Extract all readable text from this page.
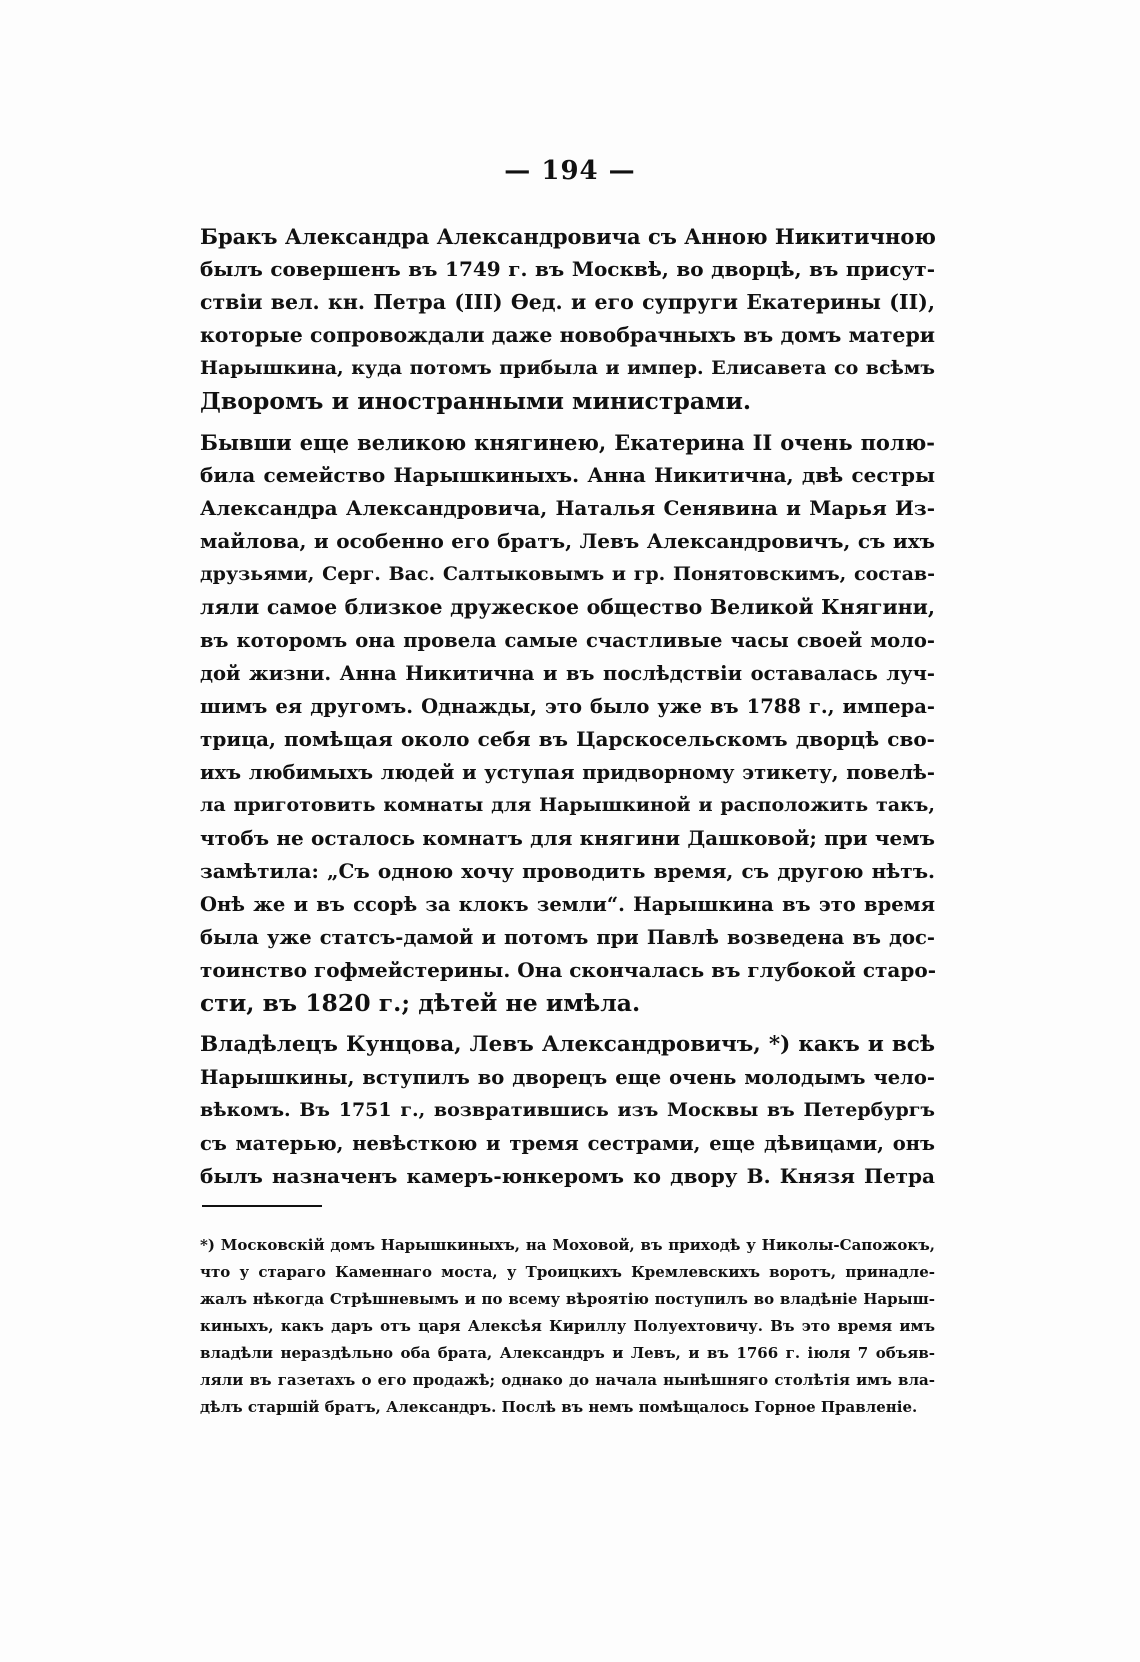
— 194 —
Бракъ Александра Александровича съ Анною Никитичною
былъ совершенъ въ 1749 г. въ Москвѣ, во дворцѣ, въ присут-
ствіи вел. кн. Петра (III) Ѳед. и его супруги Екатерины (II),
которые сопровождали даже новобрачныхъ въ домъ матери
Нарышкина, куда потомъ прибыла и импер. Елисавета со всѣмъ
Дворомъ и иностранными министрами.
Бывши еще великою княгинею, Екатерина II очень полю-
била семейство Нарышкиныхъ. Анна Никитична, двѣ сестры
Александра Александровича, Наталья Сенявина и Марья Из-
майлова, и особенно его братъ, Левъ Александровичъ, съ ихъ
друзьями, Серг. Вас. Салтыковымъ и гр. Понятовскимъ, состав-
ляли самое близкое дружеское общество Великой Княгини,
въ которомъ она провела самые счастливые часы своей моло-
дой жизни. Анна Никитична и въ послѣдствіи оставалась луч-
шимъ ея другомъ. Однажды, это было уже въ 1788 г., импера-
трица, помѣщая около себя въ Царскосельскомъ дворцѣ сво-
ихъ любимыхъ людей и уступая придворному этикету, повелѣ-
ла приготовить комнаты для Нарышкиной и расположить такъ,
чтобъ не осталось комнатъ для княгини Дашковой; при чемъ
замѣтила: „Съ одною хочу проводить время, съ другою нѣтъ.
Онѣ же и въ ссорѣ за клокъ земли“. Нарышкина въ это время
была уже статсъ-дамой и потомъ при Павлѣ возведена въ дос-
тоинство гофмейстерины. Она скончалась въ глубокой старо-
сти, въ 1820 г.; дѣтей не имѣла.
Владѣлецъ Кунцова, Левъ Александровичъ, *) какъ и всѣ
Нарышкины, вступилъ во дворецъ еще очень молодымъ чело-
вѣкомъ. Въ 1751 г., возвратившись изъ Москвы въ Петербургъ
съ матерью, невѣсткою и тремя сестрами, еще дѣвицами, онъ
былъ назначенъ камеръ-юнкеромъ ко двору В. Князя Петра
*) Московскій домъ Нарышкиныхъ, на Моховой, въ приходѣ у Николы-Сапожокъ,
что у стараго Каменнаго моста, у Троицкихъ Кремлевскихъ воротъ, принадле-
жалъ нѣкогда Стрѣшневымъ и по всему вѣроятію поступилъ во владѣніе Нарыш-
киныхъ, какъ даръ отъ царя Алексѣя Кириллу Полуехтовичу. Въ это время имъ
владѣли нераздѣльно оба брата, Александръ и Левъ, и въ 1766 г. іюля 7 объяв-
ляли въ газетахъ о его продажѣ; однако до начала нынѣшняго столѣтія имъ вла-
дѣлъ старшій братъ, Александръ. Послѣ въ немъ помѣщалось Горное Правленіе.
